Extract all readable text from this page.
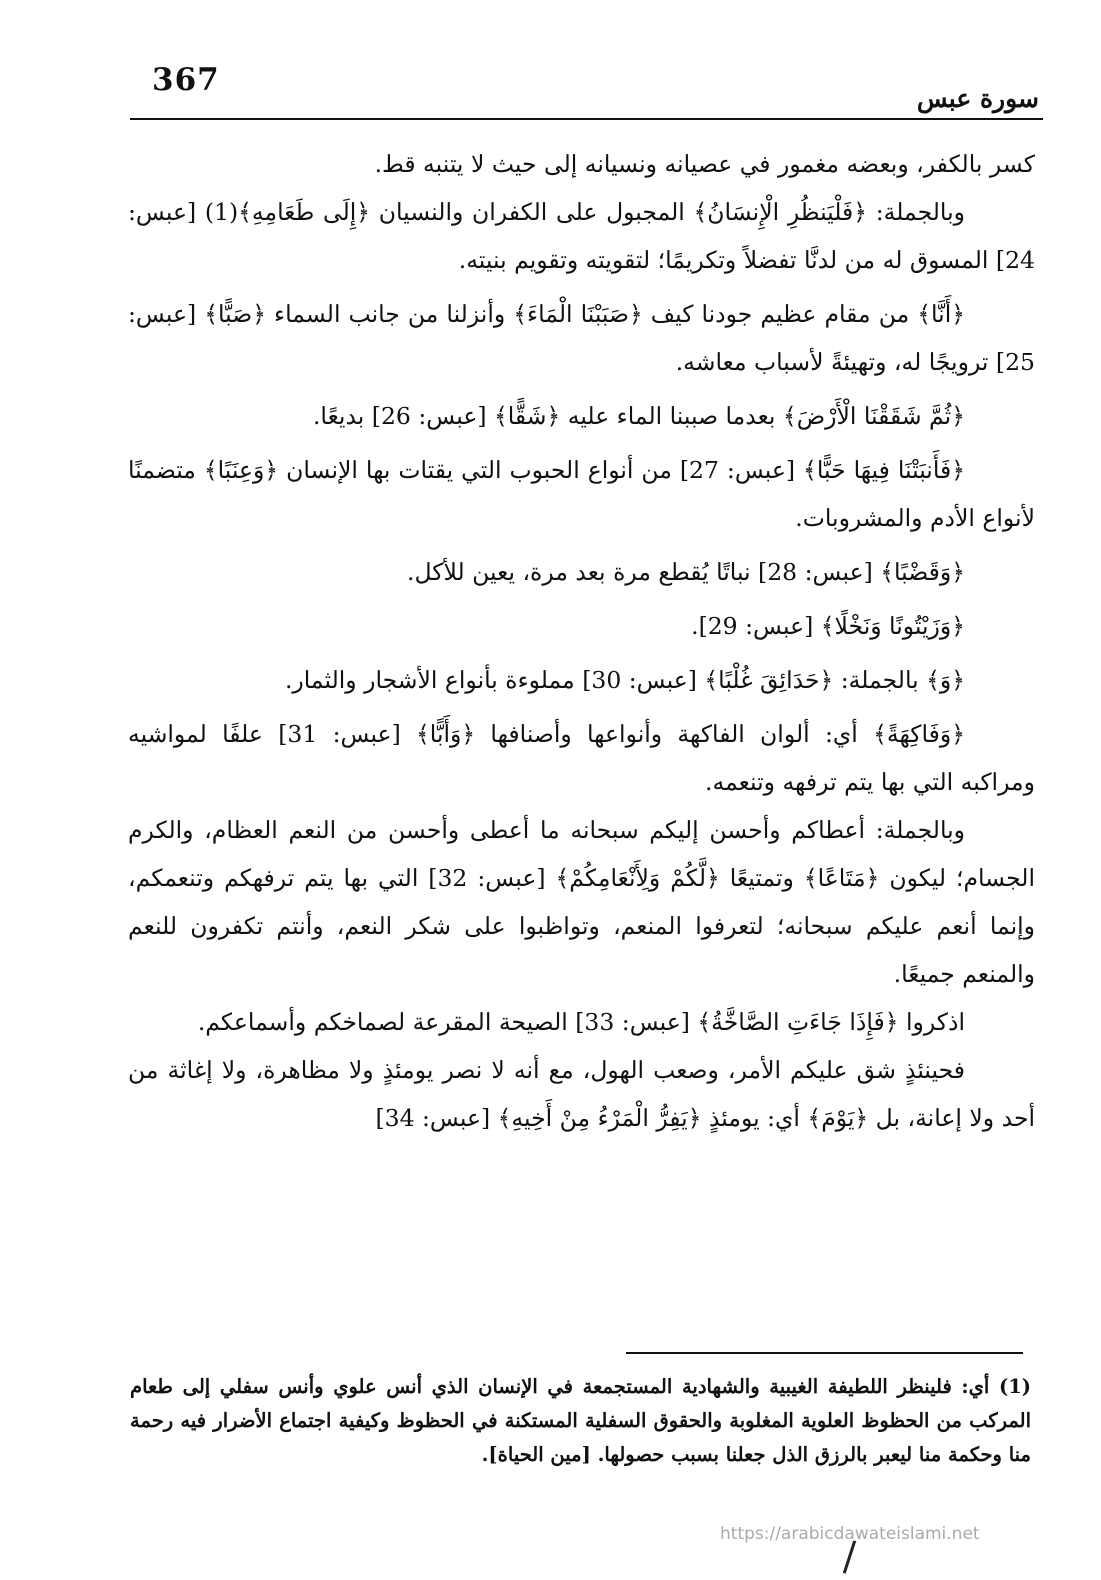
367
سورة عبس

كسر بالكفر، وبعضه مغمور في عصيانه ونسيانه إلى حيث لا يتنبه قط.

وبالجملة: ﴿فَلْيَنظُرِ الْإِنسَانُ﴾ المجبول على الكفران والنسيان ﴿إِلَى طَعَامِهِ﴾(1) [عبس: 24] المسوق له من لدنَّا تفضلاً وتكريمًا؛ لتقويته وتقويم بنيته.

﴿أَنَّا﴾ من مقام عظيم جودنا كيف ﴿صَبَبْنَا الْمَاءَ﴾ وأنزلنا من جانب السماء ﴿صَبًّا﴾ [عبس: 25] ترويجًا له، وتهيئةً لأسباب معاشه.

﴿ثُمَّ شَقَقْنَا الْأَرْضَ﴾ بعدما صببنا الماء عليه ﴿شَقًّا﴾ [عبس: 26] بديعًا.

﴿فَأَنبَتْنَا فِيهَا حَبًّا﴾ [عبس: 27] من أنواع الحبوب التي يقتات بها الإنسان ﴿وَعِنَبًا﴾ متضمنًا لأنواع الأدم والمشروبات.

﴿وَقَضْبًا﴾ [عبس: 28] نباتًا يُقطع مرة بعد مرة، يعين للأكل.

﴿وَزَيْتُونًا وَنَخْلًا﴾ [عبس: 29].

﴿وَ﴾ بالجملة: ﴿حَدَائِقَ غُلْبًا﴾ [عبس: 30] مملوءة بأنواع الأشجار والثمار.

﴿وَفَاكِهَةً﴾ أي: ألوان الفاكهة وأنواعها وأصنافها ﴿وَأَبًّا﴾ [عبس: 31] علفًا لمواشيه ومراكبه التي بها يتم ترفهه وتنعمه.

وبالجملة: أعطاكم وأحسن إليكم سبحانه ما أعطى وأحسن من النعم العظام، والكرم الجسام؛ ليكون ﴿مَتَاعًا﴾ وتمتيعًا ﴿لَّكُمْ وَلِأَنْعَامِكُمْ﴾ [عبس: 32] التي بها يتم ترفهكم وتنعمكم، وإنما أنعم عليكم سبحانه؛ لتعرفوا المنعم، وتواظبوا على شكر النعم، وأنتم تكفرون للنعم والمنعم جميعًا.

اذكروا ﴿فَإِذَا جَاءَتِ الصَّاخَّةُ﴾ [عبس: 33] الصيحة المقرعة لصماخكم وأسماعكم.

فحينئذٍ شق عليكم الأمر، وصعب الهول، مع أنه لا نصر يومئذٍ ولا مظاهرة، ولا إغاثة من أحد ولا إعانة، بل ﴿يَوْمَ﴾ أي: يومئذٍ ﴿يَفِرُّ الْمَرْءُ مِنْ أَخِيهِ﴾ [عبس: 34]

(1) أي: فلينظر اللطيفة الغيبية والشهادية المستجمعة في الإنسان الذي أنس علوي وأنس سفلي إلى طعام المركب من الحظوظ العلوية المغلوبة والحقوق السفلية المستكنة في الحظوظ وكيفية اجتماع الأضرار فيه رحمة منا وحكمة منا ليعبر بالرزق الذل جعلنا بسبب حصولها. [مين الحياة].

https://arabicdawateislami.net
